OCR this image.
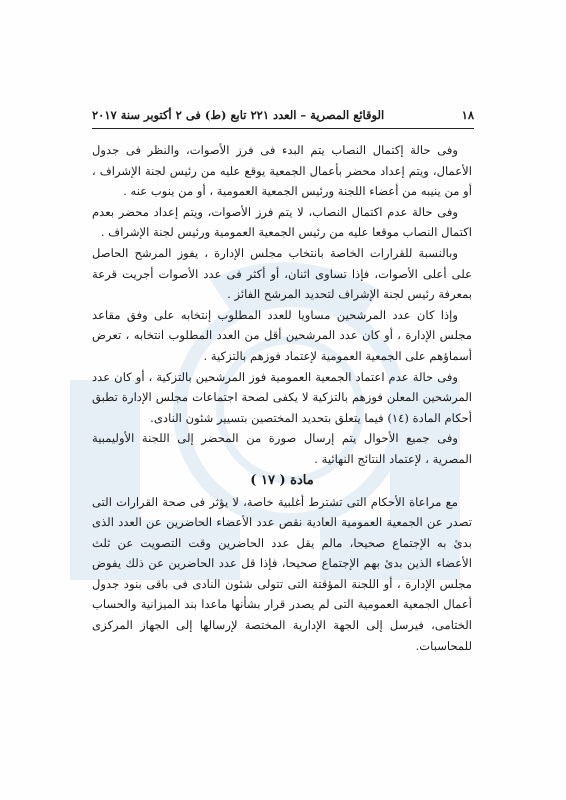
١٨
الوقائع المصرية – العدد ٢٢١ تابع (ط) فى ٢ أكتوبر سنة ٢٠١٧

وفى حالة إكتمال النصاب يتم البدء فى فرز الأصوات، والنظر فى جدول الأعمال، ويتم إعداد محضر بأعمال الجمعية يوقع عليه من رئيس لجنة الإشراف ، أو من ينيبه من أعضاء اللجنة ورئيس الجمعية العمومية ، أو من ينوب عنه .

وفى حالة عدم اكتمال النصاب، لا يتم فرز الأصوات، ويتم إعداد محضر بعدم اكتمال النصاب موقعا عليه من رئيس الجمعية العمومية ورئيس لجنة الإشراف .

وبالنسبة للقرارات الخاصة بانتخاب مجلس الإدارة ، يفوز المرشح الحاصل على أعلى الأصوات، فإذا تساوى اثنان، أو أكثر فى عدد الأصوات أجريت قرعة بمعرفة رئيس لجنة الإشراف لتحديد المرشح الفائز .

وإذا كان عدد المرشحين مساويا للعدد المطلوب إنتخابه على وفق مقاعد مجلس الإدارة ، أو كان عدد المرشحين أقل من العدد المطلوب انتخابه ، تعرض أسماؤهم على الجمعية العمومية لإعتماد فوزهم بالتزكية .

وفى حالة عدم اعتماد الجمعية العمومية فوز المرشحين بالتزكية ، أو كان عدد المرشحين المعلن فوزهم بالتزكية لا يكفى لصحة اجتماعات مجلس الإدارة تطبق أحكام المادة (١٤) فيما يتعلق بتحديد المختصين بتسيير شئون النادى.

وفى جميع الأحوال يتم إرسال صورة من المحضر إلى اللجنة الأوليمبية المصرية ، لإعتماد النتائج النهائية .

مادة ( ١٧ )

مع مراعاة الأحكام التى تشترط أغلبية خاصة، لا يؤثر فى صحة القرارات التى تصدر عن الجمعية العمومية العادية نقص عدد الأعضاء الحاضرين عن العدد الذى بدئ به الإجتماع صحيحا، مالم يقل عدد الحاضرين وقت التصويت عن ثلث الأعضاء الذين بدئ بهم الإجتماع صحيحا، فإذا قل عدد الحاضرين عن ذلك يفوض مجلس الإدارة ، أو اللجنة المؤقتة التى تتولى شئون النادى فى باقى بنود جدول أعمال الجمعية العمومية التى لم يصدر قرار بشأنها ماعدا بند الميزانية والحساب الختامى، فيرسل إلى الجهة الإدارية المختصة لإرسالها إلى الجهاز المركزى للمحاسبات.
